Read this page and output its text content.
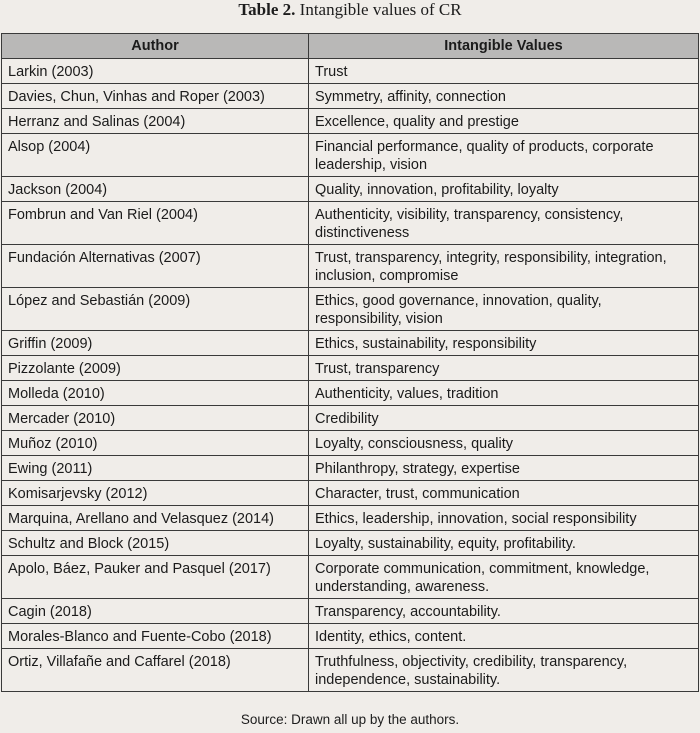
Table 2. Intangible values of CR
Author	Intangible Values
Larkin (2003)	Trust
Davies, Chun, Vinhas and Roper (2003)	Symmetry, affinity, connection
Herranz and Salinas (2004)	Excellence, quality and prestige
Alsop (2004)	Financial performance, quality of products, corporate leadership, vision
Jackson (2004)	Quality, innovation, profitability, loyalty
Fombrun and Van Riel (2004)	Authenticity, visibility, transparency, consistency, distinctiveness
Fundación Alternativas (2007)	Trust, transparency, integrity, responsibility, integration, inclusion, compromise
López and Sebastián (2009)	Ethics, good governance, innovation, quality, responsibility, vision
Griffin (2009)	Ethics, sustainability, responsibility
Pizzolante (2009)	Trust, transparency
Molleda (2010)	Authenticity, values, tradition
Mercader (2010)	Credibility
Muñoz (2010)	Loyalty, consciousness, quality
Ewing (2011)	Philanthropy, strategy, expertise
Komisarjevsky (2012)	Character, trust, communication
Marquina, Arellano and Velasquez (2014)	Ethics, leadership, innovation, social responsibility
Schultz and Block (2015)	Loyalty, sustainability, equity, profitability.
Apolo, Báez, Pauker and Pasquel (2017)	Corporate communication, commitment, knowledge, understanding, awareness.
Cagin (2018)	Transparency, accountability.
Morales-Blanco and Fuente-Cobo (2018)	Identity, ethics, content.
Ortiz, Villafañe and Caffarel (2018)	Truthfulness, objectivity, credibility, transparency, independence, sustainability.
Source: Drawn all up by the authors.
